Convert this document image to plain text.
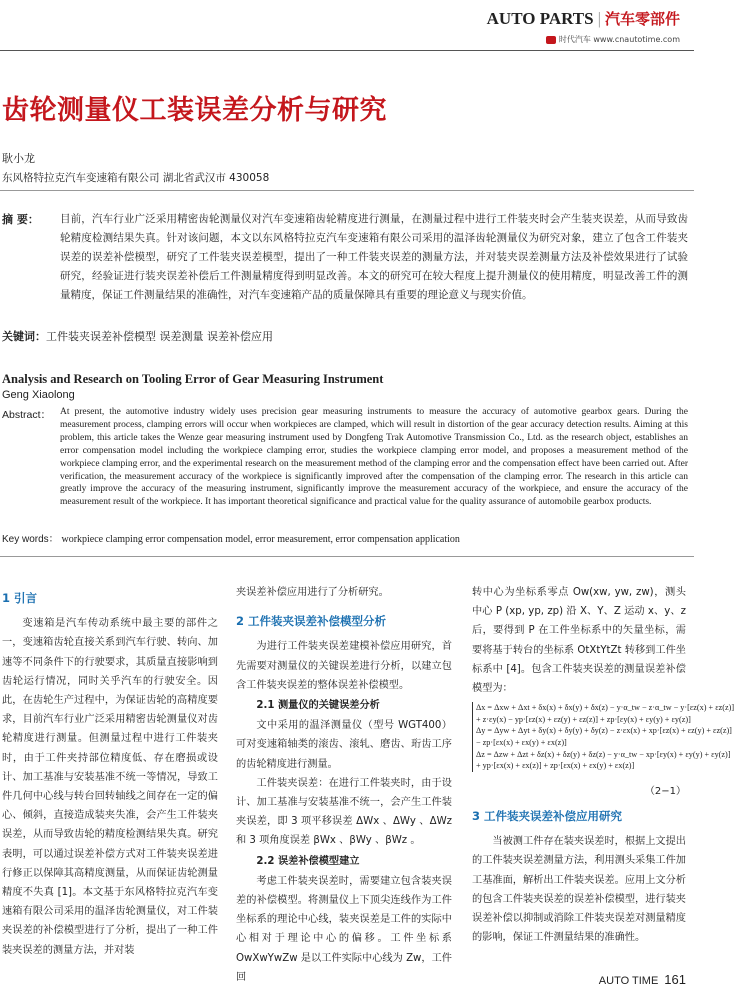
AUTO PARTS | 汽车零部件
时代汽车 www.cnautotime.com
齿轮测量仪工装误差分析与研究
耿小龙
东风格特拉克汽车变速箱有限公司 湖北省武汉市 430058
摘 要： 目前，汽车行业广泛采用精密齿轮测量仪对汽车变速箱齿轮精度进行测量，在测量过程中进行工件装夹时会产生装夹误差，从而导致齿轮精度检测结果失真。针对该问题，本文以东风格特拉克汽车变速箱有限公司采用的温泽齿轮测量仪为研究对象，建立了包含工件装夹误差的误差补偿模型，研究了工件装夹误差模型，提出了一种工件装夹误差的测量方法，并对装夹误差测量方法及补偿效果进行了试验研究，经验证进行装夹误差补偿后工件测量精度得到明显改善。本文的研究可在较大程度上提升测量仪的使用精度，明显改善工件的测量精度，保证工件测量结果的准确性，对汽车变速箱产品的质量保障具有重要的理论意义与现实价值。
关键词：工件装夹误差补偿模型 误差测量 误差补偿应用
Analysis and Research on Tooling Error of Gear Measuring Instrument
Geng Xiaolong
Abstract： At present, the automotive industry widely uses precision gear measuring instruments to measure the accuracy of automotive gearbox gears. During the measurement process, clamping errors will occur when workpieces are clamped, which will result in distortion of the gear accuracy detection results. Aiming at this problem, this article takes the Wenze gear measuring instrument used by Dongfeng Trak Automotive Transmission Co., Ltd. as the research object, establishes an error compensation model including the workpiece clamping error, studies the workpiece clamping error model, and proposes a measurement method of the workpiece clamping error, and the experimental research on the measurement method of the clamping error and the compensation effect have been carried out. After verification, the measurement accuracy of the workpiece is significantly improved after the compensation of the clamping error. The research in this article can greatly improve the accuracy of the measuring instrument, significantly improve the measurement accuracy of the workpiece, and ensure the accuracy of the measurement result of the workpiece. It has important theoretical significance and practical value for the quality assurance of automobile gearbox products.
Key words： workpiece clamping error compensation model, error measurement, error compensation application
1 引言

变速箱是汽车传动系统中最主要的部件之一，变速箱齿轮直接关系到汽车行驶、转向、加速等不同条件下的行驶要求，其质量直接影响到齿轮运行情况，同时关乎汽车的行驶安全。因此，在齿轮生产过程中，为保证齿轮的高精度要求，目前汽车行业广泛采用精密齿轮测量仪对齿轮精度进行测量。但测量过程中进行工件装夹时，由于工件夹持部位精度低、存在磨损或设计、加工基准与安装基准不统一等情况，导致工件几何中心线与转台回转轴线之间存在一定的偏心、倾斜，直接造成装夹失准，会产生工件装夹误差，从而导致齿轮的精度检测结果失真。研究表明，可以通过误差补偿方式对工件装夹误差进行修正以保障其高精度测量，从而保证齿轮测量精度不失真 [1]。本文基于东风格特拉克汽车变速箱有限公司采用的温泽齿轮测量仪，对工件装夹误差的补偿模型进行了分析，提出了一种工件装夹误差的测量方法，并对装

夹误差补偿应用进行了分析研究。

2 工件装夹误差补偿模型分析

为进行工件装夹误差建模补偿应用研究，首先需要对测量仪的关键误差进行分析，以建立包含工件装夹误差的整体误差补偿模型。

2.1 测量仪的关键误差分析

文中采用的温泽测量仪（型号 WGT400）可对变速箱轴类的滚齿、滚轧、磨齿、珩齿工序的齿轮精度进行测量。

工件装夹误差：在进行工件装夹时，由于设计、加工基准与安装基准不统一，会产生工件装夹误差，即 3 项平移误差 ΔWx 、ΔWy 、ΔWz 和 3 项角度误差 βWx 、βWy 、βWz 。

2.2 误差补偿模型建立

考虑工件装夹误差时，需要建立包含装夹误差的补偿模型。将测量仪上下顶尖连线作为工件坐标系的理论中心线，装夹误差是工件的实际中心相对于理论中心的偏移。工件坐标系 OwXwYwZw 是以工件实际中心线为 Zw，工件回

转中心为坐标系零点 Ow(xw, yw, zw)，测头中心 P (xp, yp, zp) 沿 X、Y、Z 运动 x、y、z 后，要得到 P 在工件坐标系中的矢量坐标，需要将基于转台的坐标系 OtXtYtZt 转移到工件坐标系中 [4]。包含工件装夹误差的测量误差补偿模型为：

Δx = Δxw + Δxt + δx(x) + δx(y) + δx(z) − y·α_tw − z·α_tw − y·[εz(x) + εz(z)]
+ z·εy(x) − yp·[εz(x) + εz(y) + εz(z)] + zp·[εy(x) + εy(y) + εy(z)]
Δy = Δyw + Δyt + δy(x) + δy(y) + δy(z) − z·εx(x) + xp·[εz(x) + εz(y) + εz(z)]
− zp·[εx(x) + εx(y) + εx(z)]
Δz = Δzw + Δzt + δz(x) + δz(y) + δz(z) − y·α_tw − xp·[εy(x) + εy(y) + εy(z)]
+ yp·[εx(x) + εx(z)] + zp·[εx(x) + εx(y) + εx(z)]
（2−1）
3 工件装夹误差补偿应用研究

当被测工件存在装夹误差时，根据上文提出的工件装夹误差测量方法，利用测头采集工件加工基准面，解析出工件装夹误差。应用上文分析的包含工件装夹误差的误差补偿模型，进行装夹误差补偿以抑制或消除工件装夹误差对测量精度的影响，保证工件测量结果的准确性。

AUTO TIME 161
